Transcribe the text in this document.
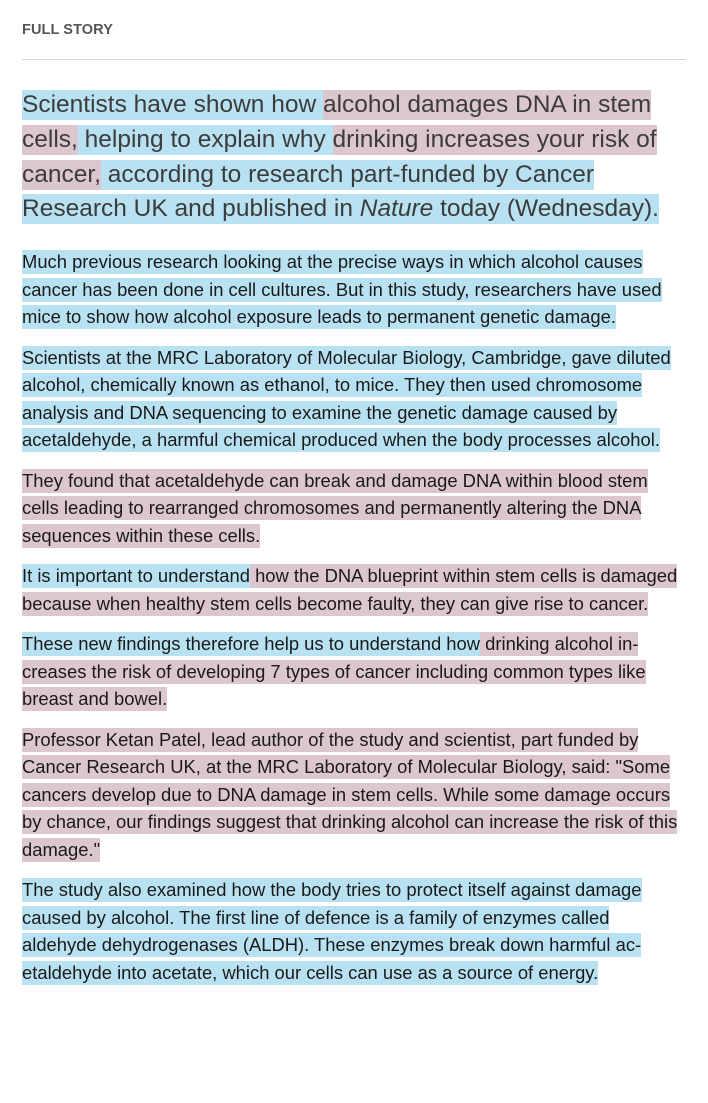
FULL STORY

Scientists have shown how alcohol damages DNA in stem cells, helping to explain why drinking increases your risk of cancer, according to research part-funded by Cancer Research UK and published in Nature today (Wednesday).

Much previous research looking at the precise ways in which alcohol causes cancer has been done in cell cultures. But in this study, researchers have used mice to show how alcohol exposure leads to permanent genetic damage.

Scientists at the MRC Laboratory of Molecular Biology, Cambridge, gave diluted alcohol, chemically known as ethanol, to mice. They then used chromosome analysis and DNA sequencing to examine the genetic damage caused by acetaldehyde, a harmful chemical produced when the body processes alcohol.

They found that acetaldehyde can break and damage DNA within blood stem cells leading to rearranged chromosomes and permanently altering the DNA sequences within these cells.

It is important to understand how the DNA blueprint within stem cells is damaged because when healthy stem cells become faulty, they can give rise to cancer.

These new findings therefore help us to understand how drinking alcohol increases the risk of developing 7 types of cancer including common types like breast and bowel.

Professor Ketan Patel, lead author of the study and scientist, part funded by Cancer Research UK, at the MRC Laboratory of Molecular Biology, said: "Some cancers develop due to DNA damage in stem cells. While some damage occurs by chance, our findings suggest that drinking alcohol can increase the risk of this damage."

The study also examined how the body tries to protect itself against damage caused by alcohol. The first line of defence is a family of enzymes called aldehyde dehydrogenases (ALDH). These enzymes break down harmful acetaldehyde into acetate, which our cells can use as a source of energy.
